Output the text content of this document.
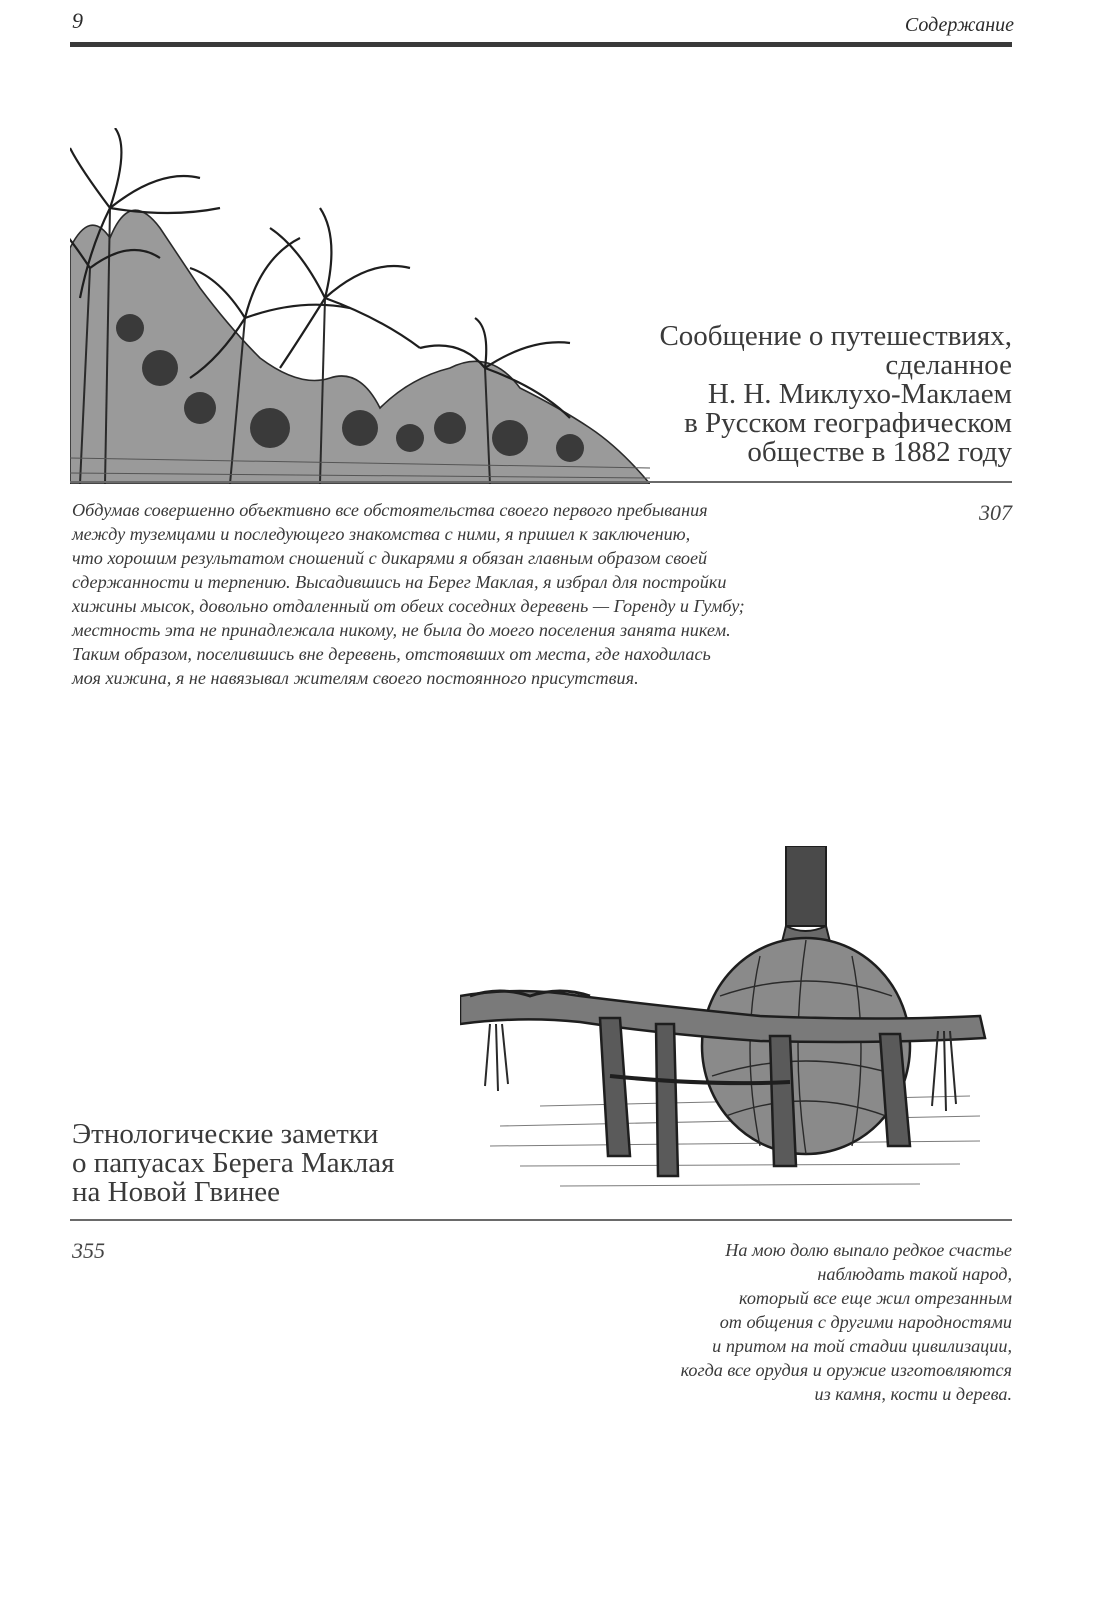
9	Содержание
Сообщение о путешествиях,
сделанное
Н. Н. Миклухо-Маклаем
в Русском географическом
обществе в 1882 году
307
Обдумав совершенно объективно все обстоятельства своего первого пребывания
между туземцами и последующего знакомства с ними, я пришел к заключению,
что хорошим результатом сношений с дикарями я обязан главным образом своей
сдержанности и терпению. Высадившись на Берег Маклая, я избрал для постройки
хижины мысок, довольно отдаленный от обеих соседних деревень — Горенду и Гумбу;
местность эта не принадлежала никому, не была до моего поселения занята никем.
Таким образом, поселившись вне деревень, отстоявших от места, где находилась
моя хижина, я не навязывал жителям своего постоянного присутствия.
Этнологические заметки
о папуасах Берега Маклая
на Новой Гвинее
355	На мою долю выпало редкое счастье
наблюдать такой народ,
который все еще жил отрезанным
от общения с другими народностями
и притом на той стадии цивилизации,
когда все орудия и оружие изготовляются
из камня, кости и дерева.
